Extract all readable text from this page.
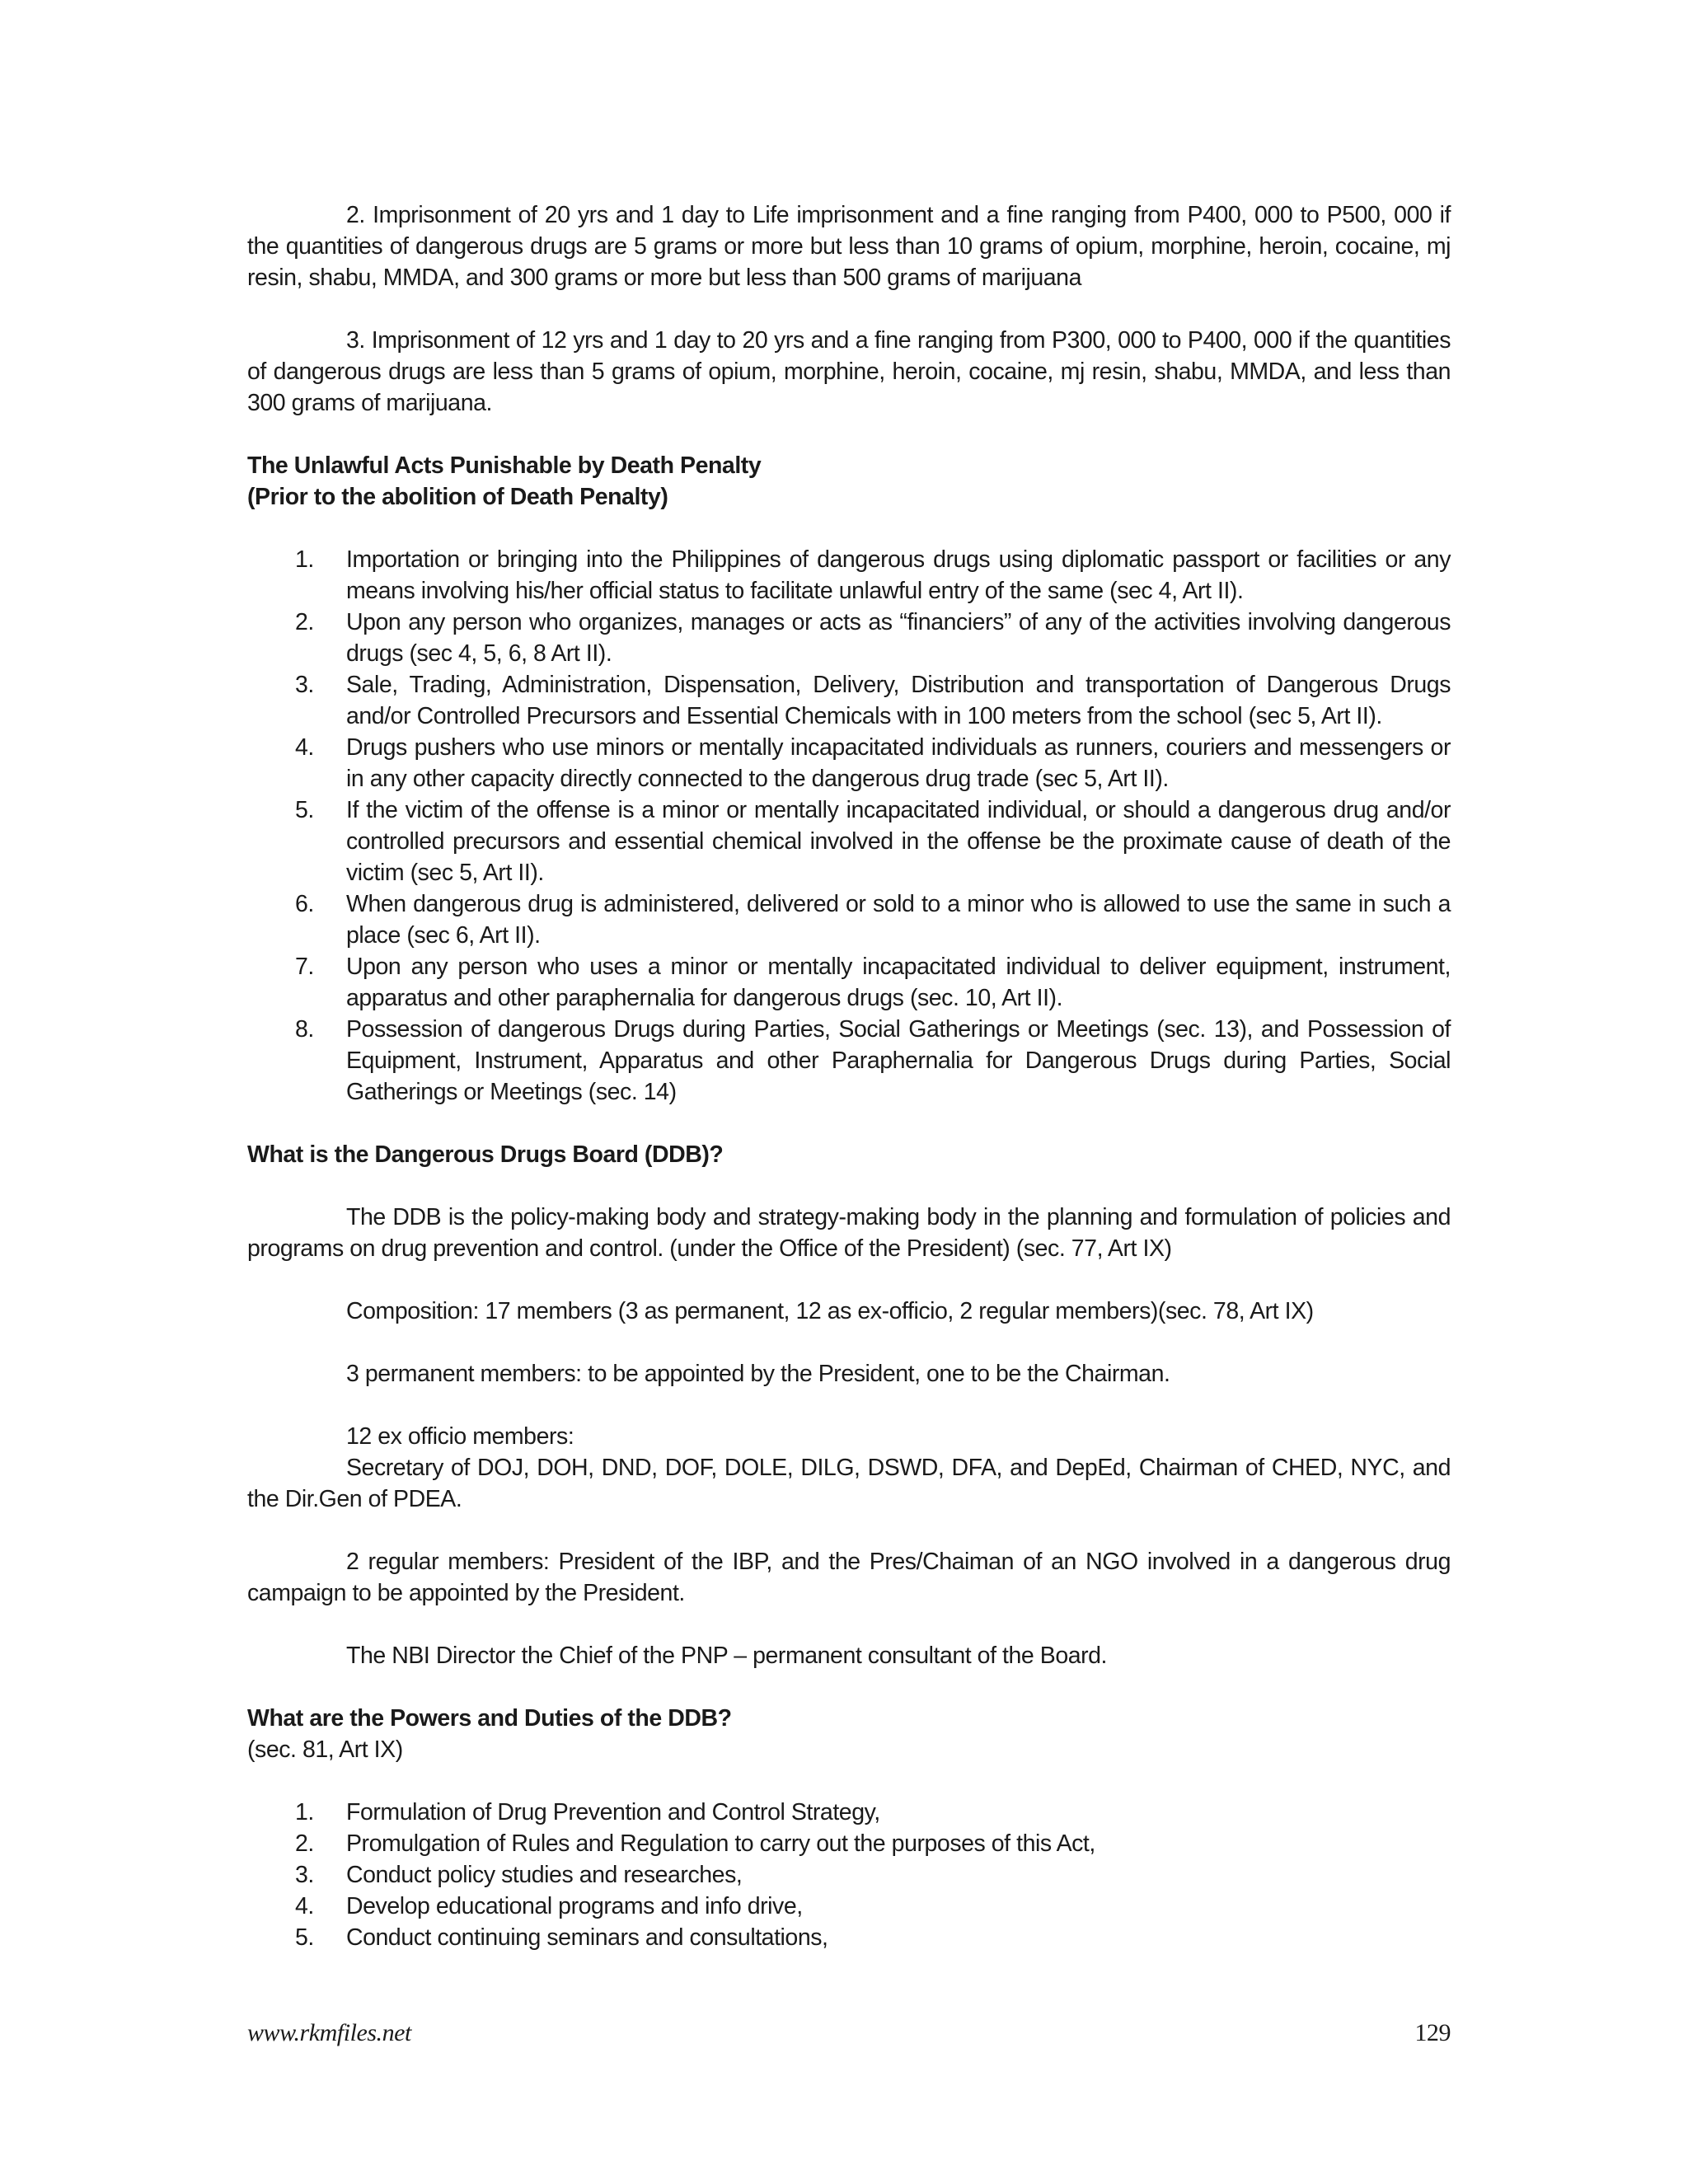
2. Imprisonment of 20 yrs and 1 day to Life imprisonment and a fine ranging from P400, 000 to P500, 000 if the quantities of dangerous drugs are 5 grams or more but less than 10 grams of opium, morphine, heroin, cocaine, mj resin, shabu, MMDA, and 300 grams or more but less than 500 grams of marijuana

3. Imprisonment of 12 yrs and 1 day to 20 yrs and a fine ranging from P300, 000 to P400, 000 if the quantities of dangerous drugs are less than 5 grams of opium, morphine, heroin, cocaine, mj resin, shabu, MMDA, and less than 300 grams of marijuana.

The Unlawful Acts Punishable by Death Penalty

(Prior to the abolition of Death Penalty)

1. Importation or bringing into the Philippines of dangerous drugs using diplomatic passport or facilities or any means involving his/her official status to facilitate unlawful entry of the same (sec 4, Art II).
2. Upon any person who organizes, manages or acts as “financiers” of any of the activities involving dangerous drugs (sec 4, 5, 6, 8 Art II).
3. Sale, Trading, Administration, Dispensation, Delivery, Distribution and transportation of Dangerous Drugs and/or Controlled Precursors and Essential Chemicals with in 100 meters from the school (sec 5, Art II).
4. Drugs pushers who use minors or mentally incapacitated individuals as runners, couriers and messengers or in any other capacity directly connected to the dangerous drug trade (sec 5, Art II).
5. If the victim of the offense is a minor or mentally incapacitated individual, or should a dangerous drug and/or controlled precursors and essential chemical involved in the offense be the proximate cause of death of the victim (sec 5, Art II).
6. When dangerous drug is administered, delivered or sold to a minor who is allowed to use the same in such a place (sec 6, Art II).
7. Upon any person who uses a minor or mentally incapacitated individual to deliver equipment, instrument, apparatus and other paraphernalia for dangerous drugs (sec. 10, Art II).
8. Possession of dangerous Drugs during Parties, Social Gatherings or Meetings (sec. 13), and Possession of Equipment, Instrument, Apparatus and other Paraphernalia for Dangerous Drugs during Parties, Social Gatherings or Meetings (sec. 14)

What is the Dangerous Drugs Board (DDB)?

The DDB is the policy-making body and strategy-making body in the planning and formulation of policies and programs on drug prevention and control. (under the Office of the President) (sec. 77, Art IX)

Composition: 17 members (3 as permanent, 12 as ex-officio, 2 regular members)(sec. 78, Art IX)

3 permanent members: to be appointed by the President, one to be the Chairman.

12 ex officio members:

Secretary of DOJ, DOH, DND, DOF, DOLE, DILG, DSWD, DFA, and DepEd, Chairman of CHED, NYC, and the Dir.Gen of PDEA.

2 regular members: President of the IBP, and the Pres/Chaiman of an NGO involved in a dangerous drug campaign to be appointed by the President.

The NBI Director the Chief of the PNP – permanent consultant of the Board.

What are the Powers and Duties of the DDB?

(sec. 81, Art IX)

1. Formulation of Drug Prevention and Control Strategy,
2. Promulgation of Rules and Regulation to carry out the purposes of this Act,
3. Conduct policy studies and researches,
4. Develop educational programs and info drive,
5. Conduct continuing seminars and consultations,
www.rkmfiles.net	129
